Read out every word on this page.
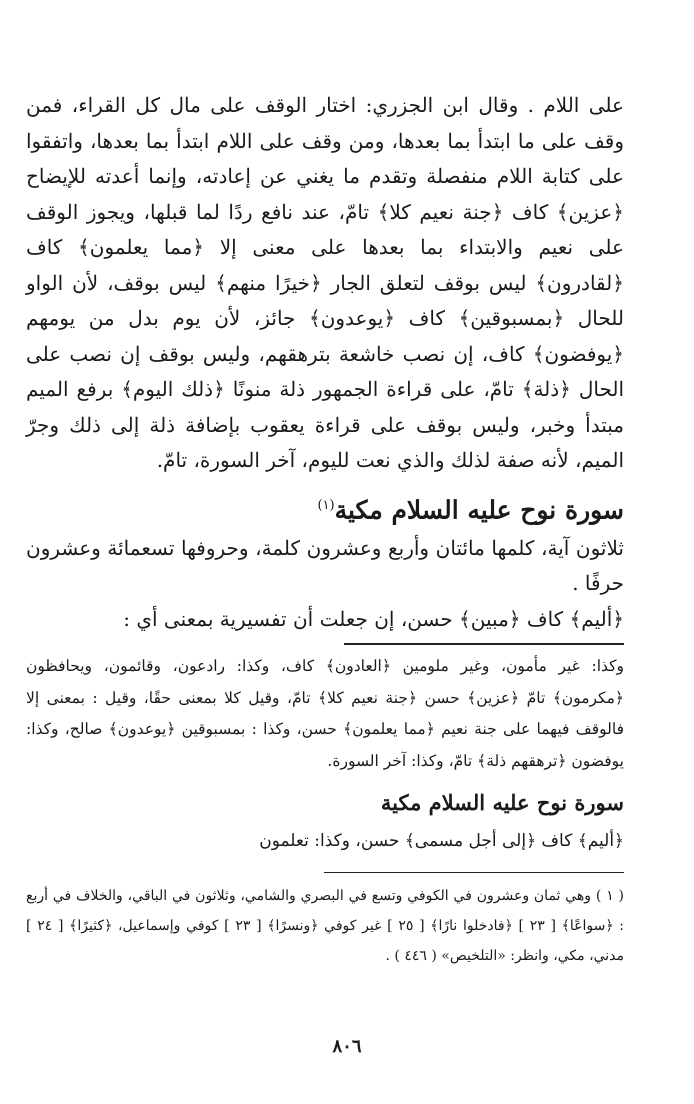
على اللام . وقال ابن الجزري: اختار الوقف على مال كل القراء، فمن وقف على ما ابتدأ بما بعدها، ومن وقف على اللام ابتدأ بما بعدها، واتفقوا على كتابة اللام منفصلة وتقدم ما يغني عن إعادته، وإنما أعدته للإيضاح ﴿عزين﴾ كاف ﴿جنة نعيم كلا﴾ تامّ، عند نافع ردًا لما قبلها، ويجوز الوقف على نعيم والابتداء بما بعدها على معنى إلا ﴿مما يعلمون﴾ كاف ﴿لقادرون﴾ ليس بوقف لتعلق الجار ﴿خيرًا منهم﴾ ليس بوقف، لأن الواو للحال ﴿بمسبوقين﴾ كاف ﴿يوعدون﴾ جائز، لأن يوم بدل من يومهم ﴿يوفضون﴾ كاف، إن نصب خاشعة بترهقهم، وليس بوقف إن نصب على الحال ﴿ذلة﴾ تامّ، على قراءة الجمهور ذلة منونًا ﴿ذلك اليوم﴾ برفع الميم مبتدأ وخبر، وليس بوقف على قراءة يعقوب بإضافة ذلة إلى ذلك وجرّ الميم، لأنه صفة لذلك والذي نعت لليوم، آخر السورة، تامّ.

سورة نوح عليه السلام مكية$^{(١)}$

ثلاثون آية، كلمها مائتان وأربع وعشرون كلمة، وحروفها تسعمائة وعشرون حرفًا .

﴿أليم﴾ كاف ﴿مبين﴾ حسن، إن جعلت أن تفسيرية بمعنى أي :

وكذا: غير مأمون، وغير ملومين ﴿العادون﴾ كاف، وكذا: رادعون، وقائمون، ويحافظون ﴿مكرمون﴾ تامّ ﴿عزين﴾ حسن ﴿جنة نعيم كلا﴾ تامّ، وقيل كلا بمعنى حقًا، وقيل : بمعنى إلا فالوقف فيهما على جنة نعيم ﴿مما يعلمون﴾ حسن، وكذا : بمسبوقين ﴿يوعدون﴾ صالح، وكذا: يوفضون ﴿ترهقهم ذلة﴾ تامّ، وكذا: آخر السورة.

سورة نوح عليه السلام مكية

﴿أليم﴾ كاف ﴿إلى أجل مسمى﴾ حسن، وكذا: تعلمون

( ١ ) وهي ثمان وعشرون في الكوفي وتسع في البصري والشامي، وثلاثون في الباقي، والخلاف في أربع : ﴿سواعًا﴾ [ ٢٣ ] ﴿فادخلوا نارًا﴾ [ ٢٥ ] غير كوفي ﴿ونسرًا﴾ [ ٢٣ ] كوفي وإسماعيل، ﴿كثيرًا﴾ [ ٢٤ ] مدني، مكي، وانظر: «التلخيص» ( ٤٤٦ ) .

٨٠٦
